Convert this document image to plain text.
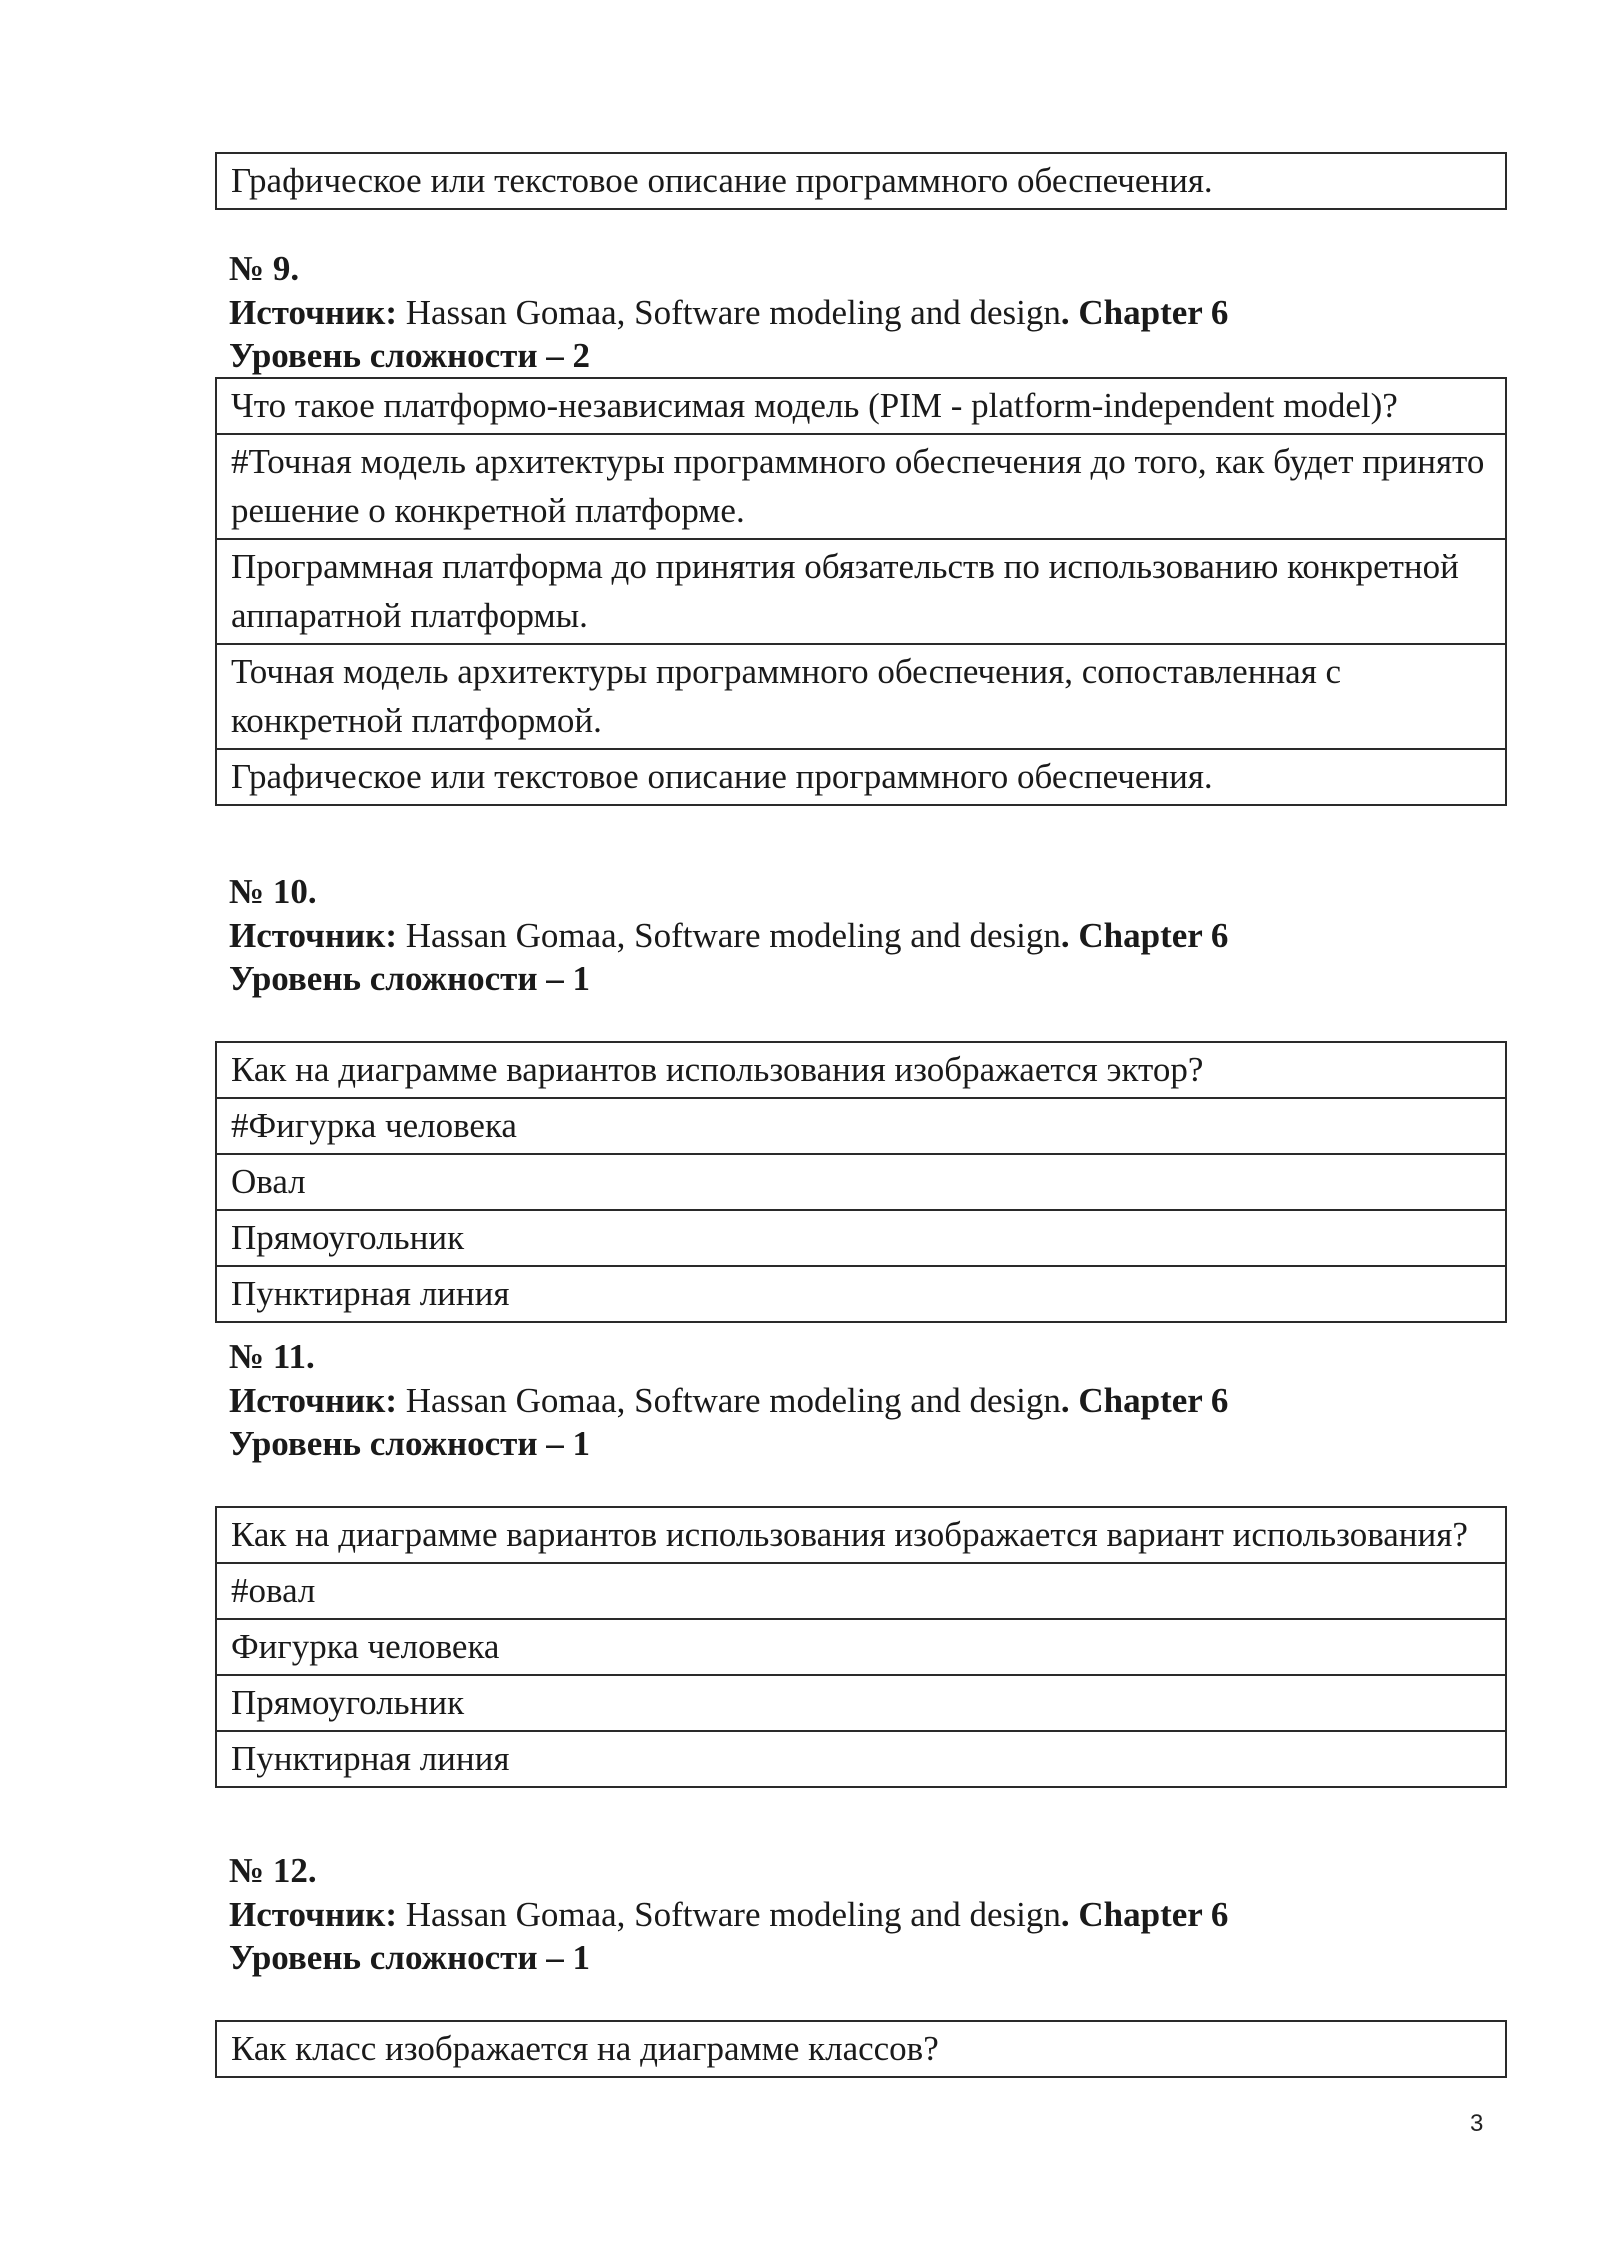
Графическое или текстовое описание программного обеспечения.
№ 9.
Источник: Hassan Gomaa, Software modeling and design. Chapter 6
Уровень сложности – 2
Что такое платформо-независимая модель (PIM - platform-independent model)?
#Точная модель архитектуры программного обеспечения до того, как будет принято решение о конкретной платформе.
Программная платформа до принятия обязательств по использованию конкретной аппаратной платформы.
Точная модель архитектуры программного обеспечения, сопоставленная с конкретной платформой.
Графическое или текстовое описание программного обеспечения.
№ 10.
Источник: Hassan Gomaa, Software modeling and design. Chapter 6
Уровень сложности – 1
Как на диаграмме вариантов использования изображается эктор?
#Фигурка человека
Овал
Прямоугольник
Пунктирная линия
№ 11.
Источник: Hassan Gomaa, Software modeling and design. Chapter 6
Уровень сложности – 1
Как на диаграмме вариантов использования изображается вариант использования?
#овал
Фигурка человека
Прямоугольник
Пунктирная линия
№ 12.
Источник: Hassan Gomaa, Software modeling and design. Chapter 6
Уровень сложности – 1
Как класс изображается на диаграмме классов?
3
